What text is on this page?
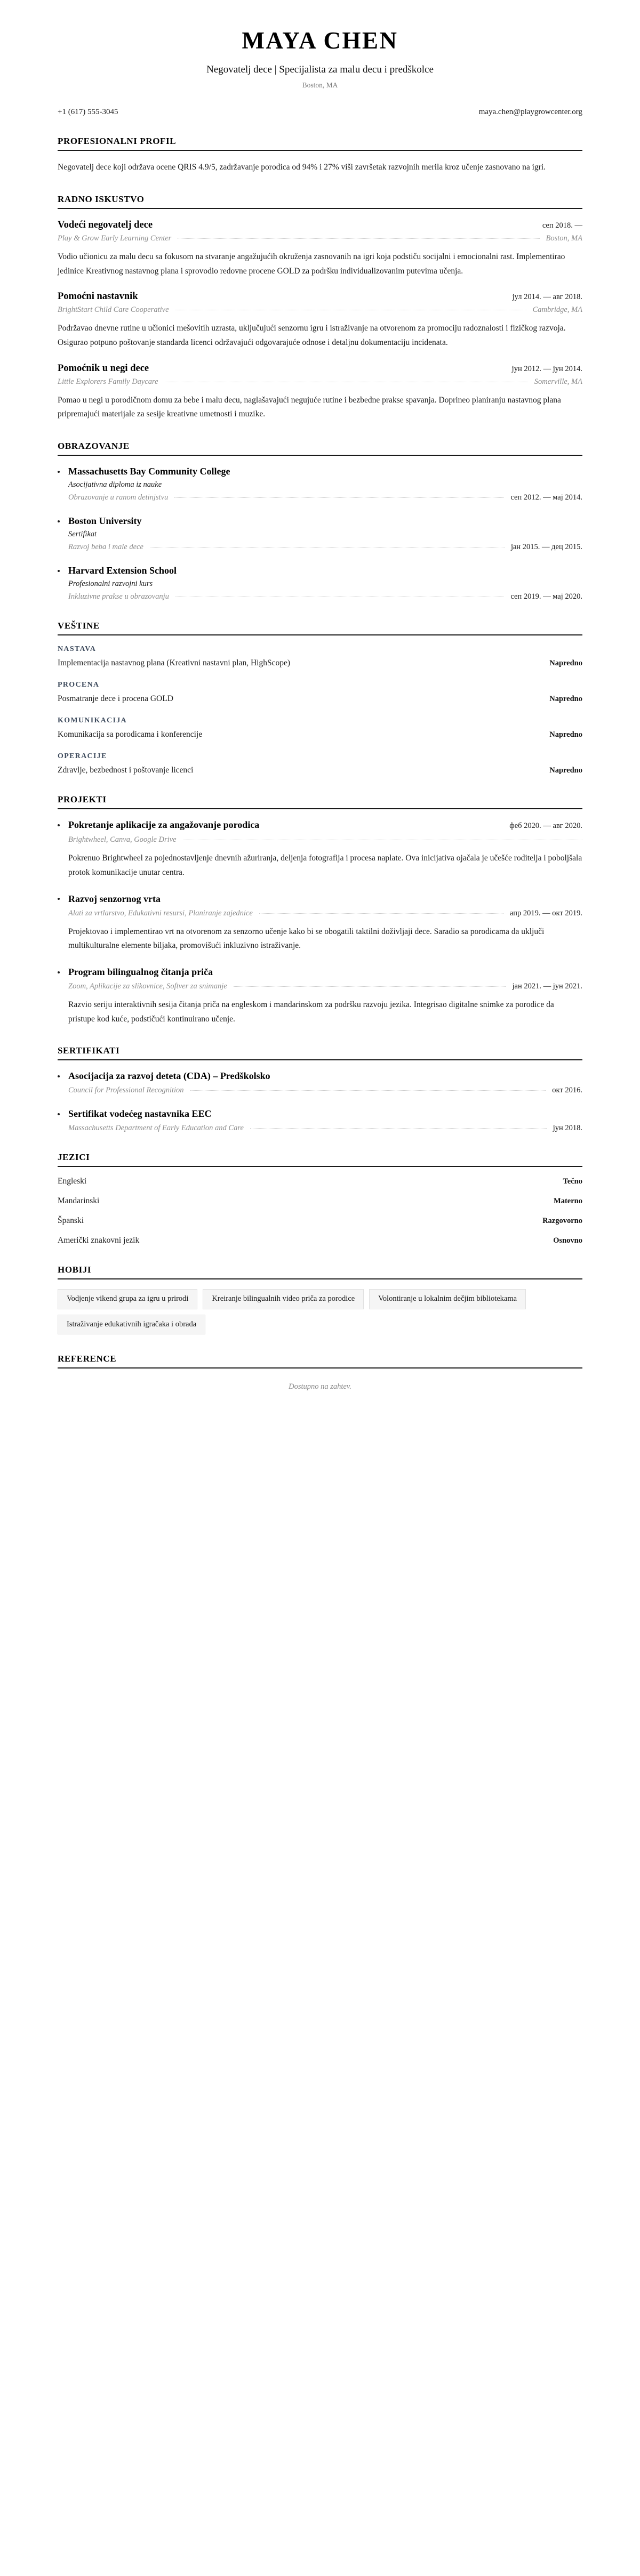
MAYA CHEN
Negovatelj dece | Specijalista za malu decu i predškolce
Boston, MA
+1 (617) 555-3045	maya.chen@playgrowcenter.org
PROFESIONALNI PROFIL

Negovatelj dece koji održava ocene QRIS 4.9/5, zadržavanje porodica od 94% i 27% viši završetak razvojnih merila kroz učenje zasnovano na igri.

RADNO ISKUSTVO
Vodeći negovatelj dece	сеп 2018. —
Play & Grow Early Learning Center	Boston, MA

Vodio učionicu za malu decu sa fokusom na stvaranje angažujućih okruženja zasnovanih na igri koja podstiču socijalni i emocionalni rast. Implementirao jedinice Kreativnog nastavnog plana i sprovodio redovne procene GOLD za podršku individualizovanim putevima učenja.

Pomoćni nastavnik	јул 2014. — авг 2018.
BrightStart Child Care Cooperative	Cambridge, MA

Podržavao dnevne rutine u učionici mešovitih uzrasta, uključujući senzornu igru i istraživanje na otvorenom za promociju radoznalosti i fizičkog razvoja. Osigurao potpuno poštovanje standarda licenci održavajući odgovarajuće odnose i detaljnu dokumentaciju incidenata.

Pomoćnik u negi dece	јун 2012. — јун 2014.
Little Explorers Family Daycare	Somerville, MA

Pomao u negi u porodičnom domu za bebe i malu decu, naglašavajući negujuće rutine i bezbedne prakse spavanja. Doprineo planiranju nastavnog plana pripremajući materijale za sesije kreativne umetnosti i muzike.

OBRAZOVANJE
Massachusetts Bay Community College
Asocijativna diploma iz nauke
Obrazovanje u ranom detinjstvu	сеп 2012. — мај 2014.
Boston University
Sertifikat
Razvoj beba i male dece	јан 2015. — дец 2015.
Harvard Extension School
Profesionalni razvojni kurs
Inkluzivne prakse u obrazovanju	сеп 2019. — мај 2020.
VEŠTINE
NASTAVA
Implementacija nastavnog plana (Kreativni nastavni plan, HighScope)	Napredno
PROCENA
Posmatranje dece i procena GOLD	Napredno
KOMUNIKACIJA
Komunikacija sa porodicama i konferencije	Napredno
OPERACIJE
Zdravlje, bezbednost i poštovanje licenci	Napredno
PROJEKTI
Pokretanje aplikacije za angažovanje porodica	феб 2020. — авг 2020.
Brightwheel, Canva, Google Drive

Pokrenuo Brightwheel za pojednostavljenje dnevnih ažuriranja, deljenja fotografija i procesa naplate. Ova inicijativa ojačala je učešće roditelja i poboljšala protok komunikacije unutar centra.

Razvoj senzornog vrta
Alati za vrtlarstvo, Edukativni resursi, Planiranje zajednice	апр 2019. — окт 2019.

Projektovao i implementirao vrt na otvorenom za senzorno učenje kako bi se obogatili taktilni doživljaji dece. Saradio sa porodicama da uključi multikulturalne elemente biljaka, promovišući inkluzivno istraživanje.

Program bilingualnog čitanja priča
Zoom, Aplikacije za slikovnice, Softver za snimanje	јан 2021. — јун 2021.

Razvio seriju interaktivnih sesija čitanja priča na engleskom i mandarinskom za podršku razvoju jezika. Integrisao digitalne snimke za porodice da pristupe kod kuće, podstičući kontinuirano učenje.

SERTIFIKATI
Asocijacija za razvoj deteta (CDA) – Predškolsko
Council for Professional Recognition	окт 2016.
Sertifikat vodećeg nastavnika EEC
Massachusetts Department of Early Education and Care	јун 2018.
JEZICI
Engleski	Tečno
Mandarinski	Materno
Španski	Razgovorno
Američki znakovni jezik	Osnovno
HOBIJI
Vodjenje vikend grupa za igru u prirodi	Kreiranje bilingualnih video priča za porodice	Volontiranje u lokalnim dečjim bibliotekama
Istraživanje edukativnih igračaka i obrada
REFERENCE

Dostupno na zahtev.
